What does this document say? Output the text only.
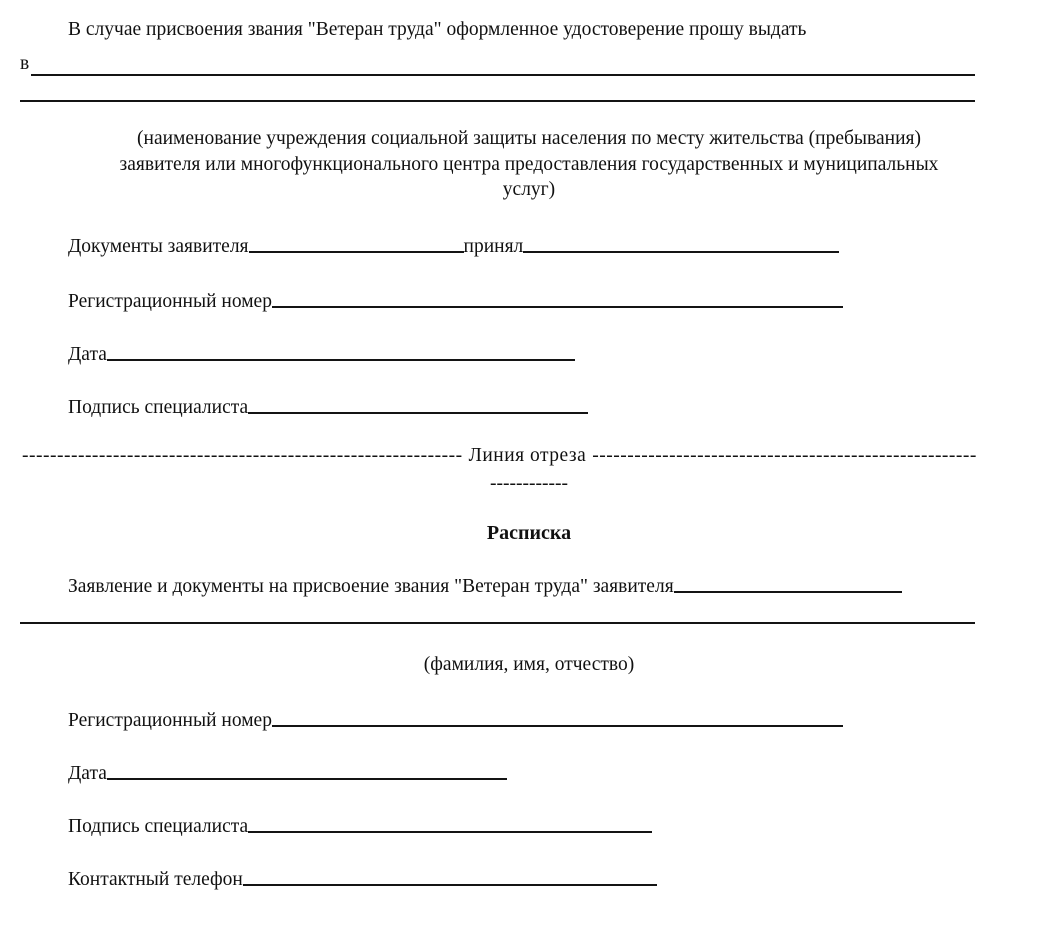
В случае присвоения звания "Ветеран труда" оформленное удостоверение прошу выдать
в
(наименование учреждения социальной защиты населения по месту жительства (пребывания)
заявителя или многофункционального центра предоставления государственных и муниципальных
услуг)
Документы заявителя	принял
Регистрационный номер
Дата
Подпись специалиста
--------------------------------------------------------------- Линия отреза -------------------------------------------------------
------------
Расписка
Заявление и документы на присвоение звания "Ветеран труда" заявителя
(фамилия, имя, отчество)
Регистрационный номер
Дата
Подпись специалиста
Контактный телефон
